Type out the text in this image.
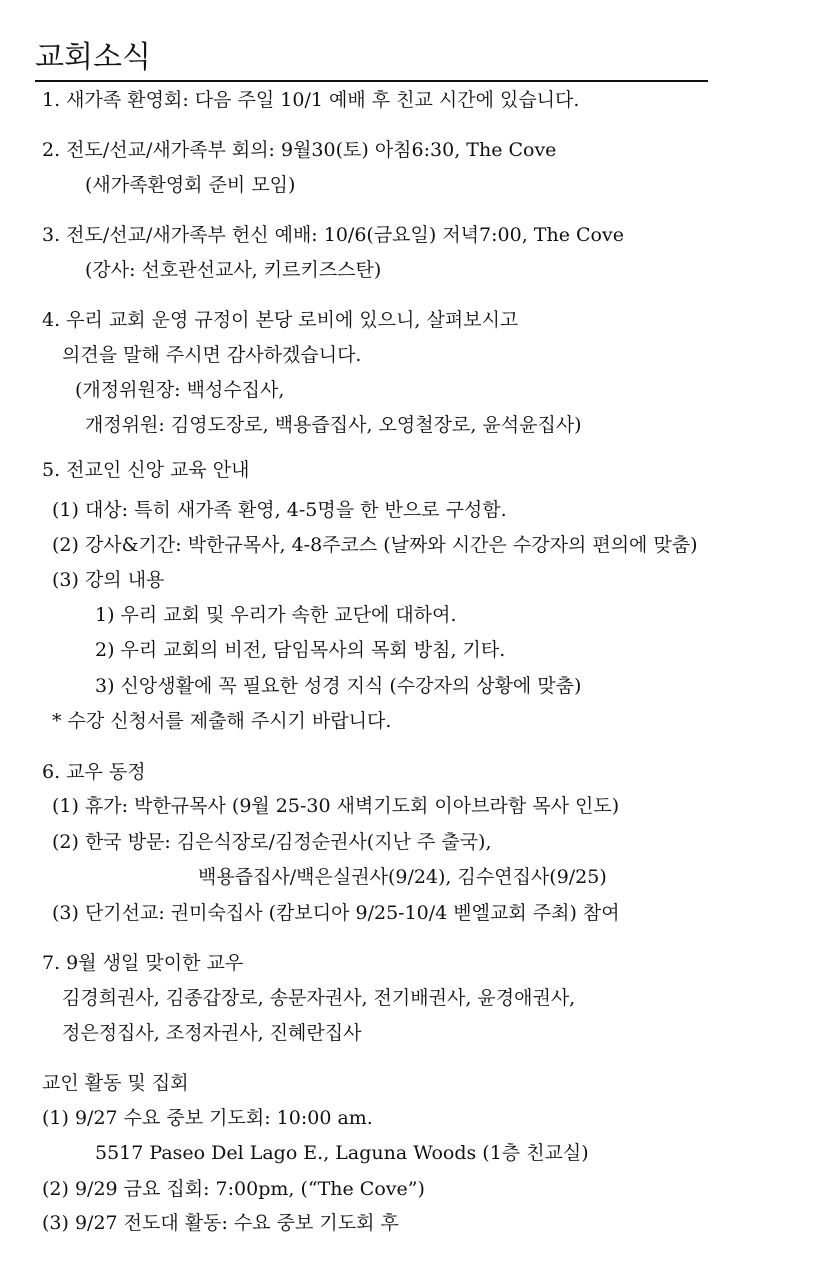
교회소식
1. 새가족 환영회: 다음 주일 10/1 예배 후 친교 시간에 있습니다.
2. 전도/선교/새가족부 회의: 9월30(토) 아침6:30, The Cove
(새가족환영회 준비 모임)
3. 전도/선교/새가족부 헌신 예배: 10/6(금요일) 저녁7:00, The Cove
(강사: 선호관선교사, 키르키즈스탄)
4. 우리 교회 운영 규정이 본당 로비에 있으니, 살펴보시고
의견을 말해 주시면 감사하겠습니다.
(개정위원장: 백성수집사,
개정위원: 김영도장로, 백용즙집사, 오영철장로, 윤석윤집사)
5. 전교인 신앙 교육 안내
(1) 대상: 특히 새가족 환영, 4-5명을 한 반으로 구성함.
(2) 강사&기간: 박한규목사, 4-8주코스 (날짜와 시간은 수강자의 편의에 맞춤)
(3) 강의 내용
1) 우리 교회 및 우리가 속한 교단에 대하여.
2) 우리 교회의 비전, 담임목사의 목회 방침, 기타.
3) 신앙생활에 꼭 필요한 성경 지식 (수강자의 상황에 맞춤)
* 수강 신청서를 제출해 주시기 바랍니다.
6. 교우 동정
(1) 휴가: 박한규목사 (9월 25-30 새벽기도회 이아브라함 목사 인도)
(2) 한국 방문: 김은식장로/김정순권사(지난 주 출국),
백용즙집사/백은실권사(9/24), 김수연집사(9/25)
(3) 단기선교: 권미숙집사 (캄보디아 9/25-10/4 벧엘교회 주최) 참여
7. 9월 생일 맞이한 교우
김경희권사, 김종갑장로, 송문자권사, 전기배권사, 윤경애권사,
정은정집사, 조정자권사, 진혜란집사
교인 활동 및 집회
(1) 9/27 수요 중보 기도회: 10:00 am.
5517 Paseo Del Lago E., Laguna Woods (1층 친교실)
(2) 9/29 금요 집회: 7:00pm, (“The Cove”)
(3) 9/27 전도대 활동: 수요 중보 기도회 후
